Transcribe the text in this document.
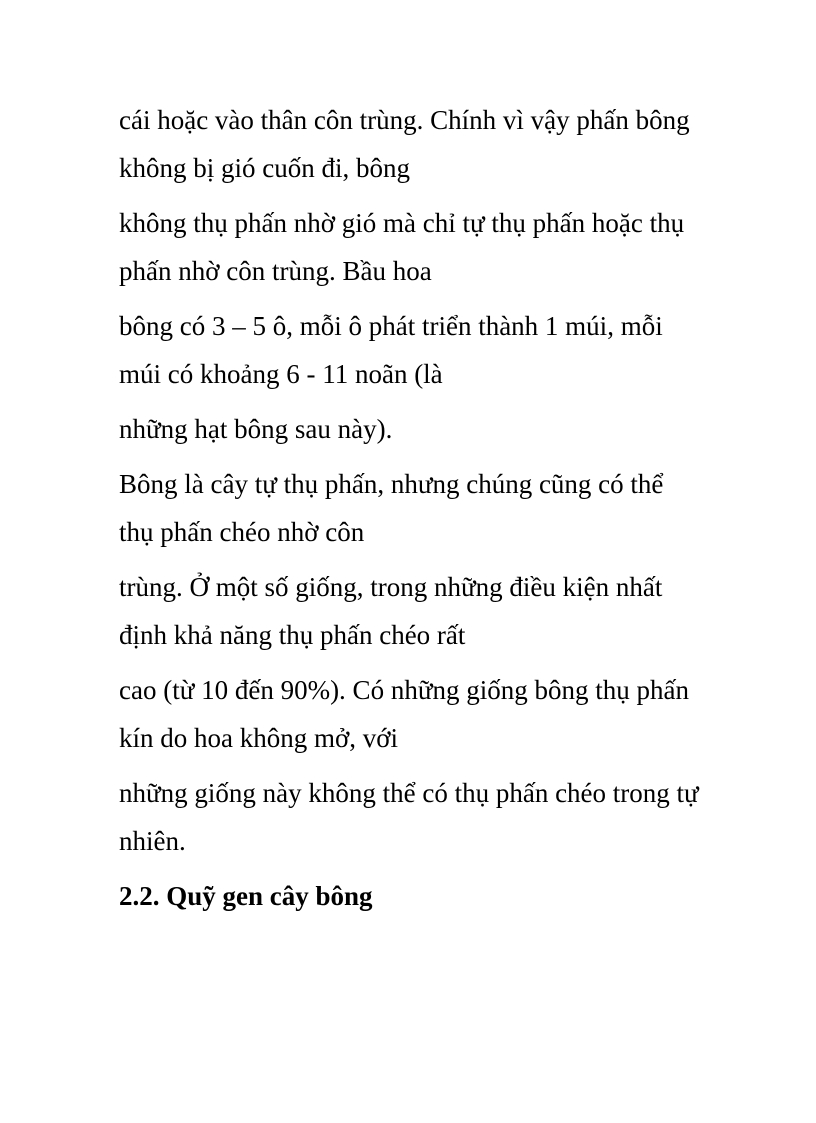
cái hoặc vào thân côn trùng. Chính vì vậy phấn bông
không bị gió cuốn đi, bông

không thụ phấn nhờ gió mà chỉ tự thụ phấn hoặc thụ
phấn nhờ côn trùng. Bầu hoa

bông có 3 – 5 ô, mỗi ô phát triển thành 1 múi, mỗi
múi có khoảng 6 - 11 noãn (là

những hạt bông sau này).

Bông là cây tự thụ phấn, nhưng chúng cũng có thể
thụ phấn chéo nhờ côn

trùng. Ở một số giống, trong những điều kiện nhất
định khả năng thụ phấn chéo rất

cao (từ 10 đến 90%). Có những giống bông thụ phấn
kín do hoa không mở, với

những giống này không thể có thụ phấn chéo trong tự
nhiên.

2.2. Quỹ gen cây bông
